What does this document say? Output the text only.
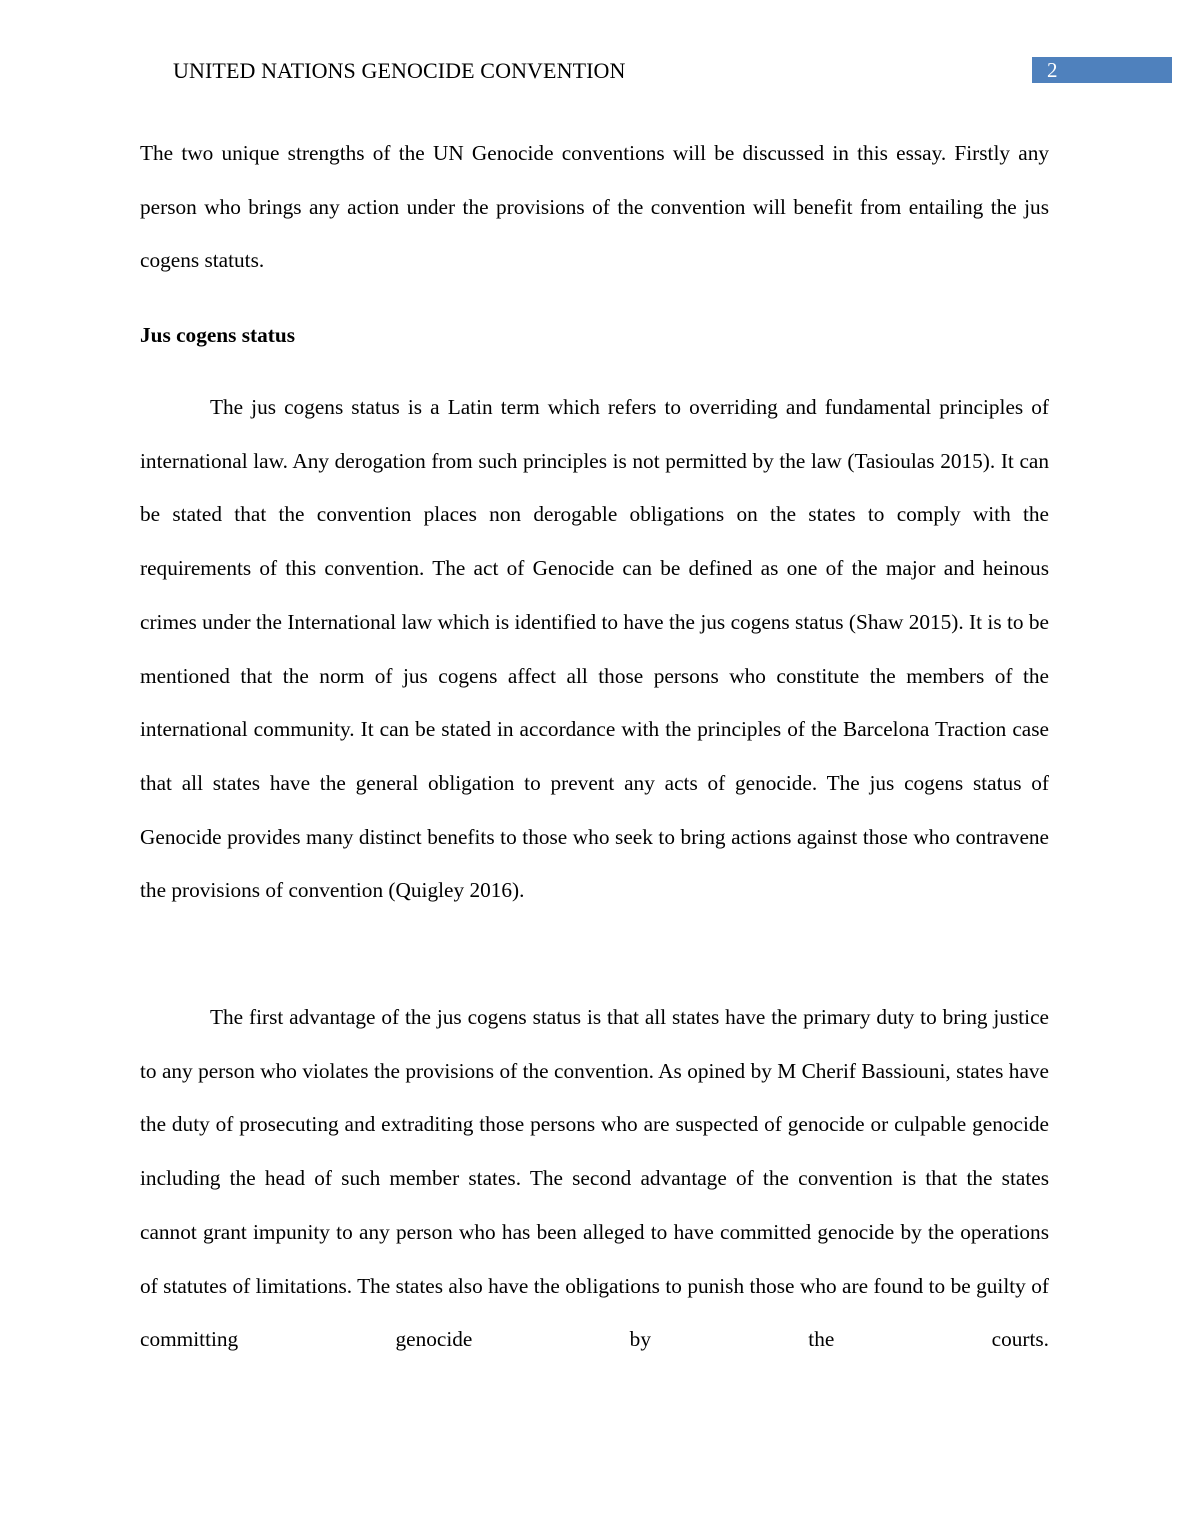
UNITED NATIONS GENOCIDE CONVENTION	2

The two unique strengths of the UN Genocide conventions will be discussed in this essay. Firstly any person who brings any action under the provisions of the convention will benefit from entailing the jus cogens statuts.

Jus cogens status

The jus cogens status is a Latin term which refers to overriding and fundamental principles of international law. Any derogation from such principles is not permitted by the law (Tasioulas 2015). It can be stated that the convention places non derogable obligations on the states to comply with the requirements of this convention. The act of Genocide can be defined as one of the major and heinous crimes under the International law which is identified to have the jus cogens status (Shaw 2015). It is to be mentioned that the norm of jus cogens affect all those persons who constitute the members of the international community. It can be stated in accordance with the principles of the Barcelona Traction case that all states have the general obligation to prevent any acts of genocide. The jus cogens status of Genocide provides many distinct benefits to those who seek to bring actions against those who contravene the provisions of convention (Quigley 2016).

The first advantage of the jus cogens status is that all states have the primary duty to bring justice to any person who violates the provisions of the convention. As opined by M Cherif Bassiouni, states have the duty of prosecuting and extraditing those persons who are suspected of genocide or culpable genocide including the head of such member states. The second advantage of the convention is that the states cannot grant impunity to any person who has been alleged to have committed genocide by the operations of statutes of limitations. The states also have the obligations to punish those who are found to be guilty of committing genocide by the courts.
